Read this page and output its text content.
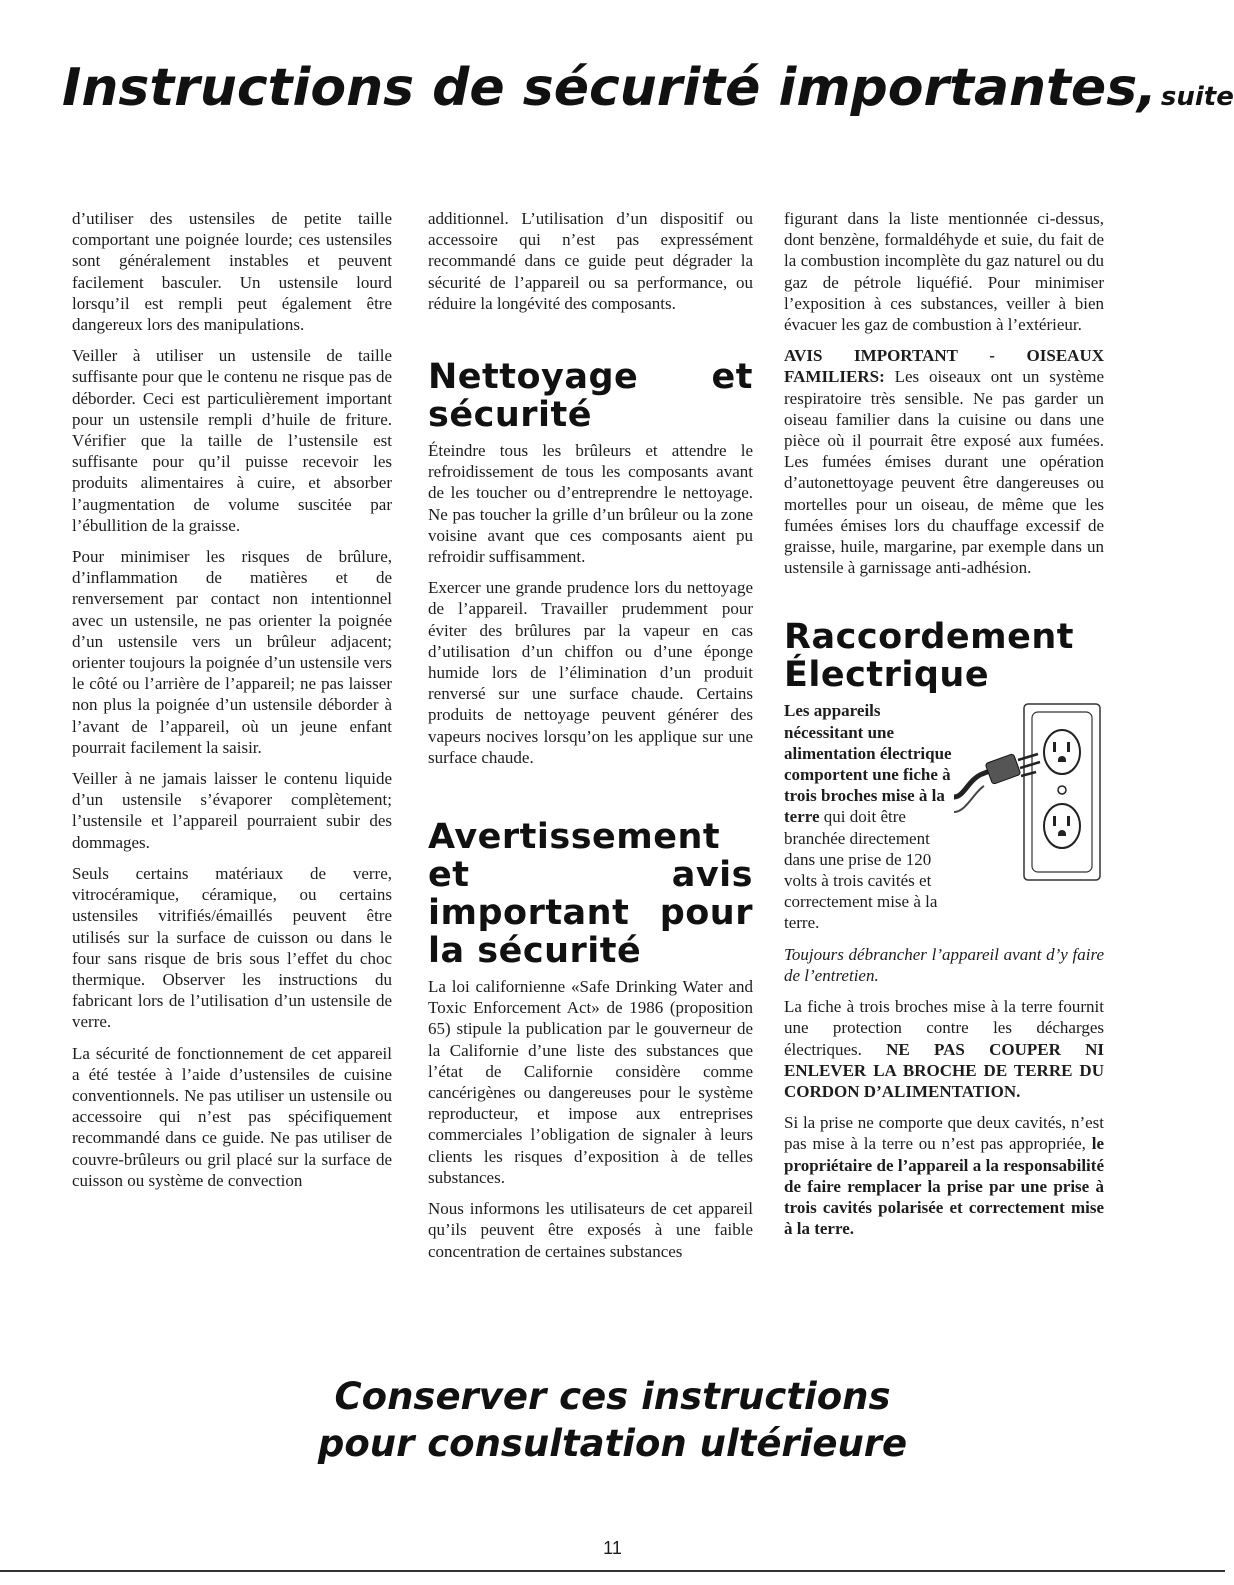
Instructions de sécurité importantes, suite

d’utiliser des ustensiles de petite taille comportant une poignée lourde; ces ustensiles sont généralement instables et peuvent facilement basculer. Un ustensile lourd lorsqu’il est rempli peut également être dangereux lors des manipulations.

Veiller à utiliser un ustensile de taille suffisante pour que le contenu ne risque pas de déborder. Ceci est particulièrement important pour un ustensile rempli d’huile de friture. Vérifier que la taille de l’ustensile est suffisante pour qu’il puisse recevoir les produits alimentaires à cuire, et absorber l’augmentation de volume suscitée par l’ébullition de la graisse.

Pour minimiser les risques de brûlure, d’inflammation de matières et de renversement par contact non intentionnel avec un ustensile, ne pas orienter la poignée d’un ustensile vers un brûleur adjacent; orienter toujours la poignée d’un ustensile vers le côté ou l’arrière de l’appareil; ne pas laisser non plus la poignée d’un ustensile déborder à l’avant de l’appareil, où un jeune enfant pourrait facilement la saisir.

Veiller à ne jamais laisser le contenu liquide d’un ustensile s’évaporer complètement; l’ustensile et l’appareil pourraient subir des dommages.

Seuls certains matériaux de verre, vitrocéramique, céramique, ou certains ustensiles vitrifiés/émaillés peuvent être utilisés sur la surface de cuisson ou dans le four sans risque de bris sous l’effet du choc thermique. Observer les instructions du fabricant lors de l’utilisation d’un ustensile de verre.

La sécurité de fonctionnement de cet appareil a été testée à l’aide d’ustensiles de cuisine conventionnels. Ne pas utiliser un ustensile ou accessoire qui n’est pas spécifiquement recommandé dans ce guide. Ne pas utiliser de couvre-brûleurs ou gril placé sur la surface de cuisson ou système de convection

additionnel. L’utilisation d’un dispositif ou accessoire qui n’est pas expressément recommandé dans ce guide peut dégrader la sécurité de l’appareil ou sa performance, ou réduire la longévité des composants.

Nettoyage et sécurité

Éteindre tous les brûleurs et attendre le refroidissement de tous les composants avant de les toucher ou d’entreprendre le nettoyage. Ne pas toucher la grille d’un brûleur ou la zone voisine avant que ces composants aient pu refroidir suffisamment.

Exercer une grande prudence lors du nettoyage de l’appareil. Travailler prudemment pour éviter des brûlures par la vapeur en cas d’utilisation d’un chiffon ou d’une éponge humide lors de l’élimination d’un produit renversé sur une surface chaude. Certains produits de nettoyage peuvent générer des vapeurs nocives lorsqu’on les applique sur une surface chaude.

Avertissement et avis important pour la sécurité

La loi californienne «Safe Drinking Water and Toxic Enforcement Act» de 1986 (proposition 65) stipule la publication par le gouverneur de la Californie d’une liste des substances que l’état de Californie considère comme cancérigènes ou dangereuses pour le système reproducteur, et impose aux entreprises commerciales l’obligation de signaler à leurs clients les risques d’exposition à de telles substances.

Nous informons les utilisateurs de cet appareil qu’ils peuvent être exposés à une faible concentration de certaines substances

figurant dans la liste mentionnée ci-dessus, dont benzène, formaldéhyde et suie, du fait de la combustion incomplète du gaz naturel ou du gaz de pétrole liquéfié. Pour minimiser l’exposition à ces substances, veiller à bien évacuer les gaz de combustion à l’extérieur.

AVIS IMPORTANT - OISEAUX FAMILIERS: Les oiseaux ont un système respiratoire très sensible. Ne pas garder un oiseau familier dans la cuisine ou dans une pièce où il pourrait être exposé aux fumées. Les fumées émises durant une opération d’autonettoyage peuvent être dangereuses ou mortelles pour un oiseau, de même que les fumées émises lors du chauffage excessif de graisse, huile, margarine, par exemple dans un ustensile à garnissage anti-adhésion.

Raccordement Électrique

Les appareils nécessitant une alimentation électrique comportent une fiche à trois broches mise à la terre qui doit être branchée directement dans une prise de 120 volts à trois cavités et correctement mise à la terre.

Toujours débrancher l’appareil avant d’y faire de l’entretien.

La fiche à trois broches mise à la terre fournit une protection contre les décharges électriques. NE PAS COUPER NI ENLEVER LA BROCHE DE TERRE DU CORDON D’ALIMENTATION.

Si la prise ne comporte que deux cavités, n’est pas mise à la terre ou n’est pas appropriée, le propriétaire de l’appareil a la responsabilité de faire remplacer la prise par une prise à trois cavités polarisée et correctement mise à la terre.

Conserver ces instructions
pour consultation ultérieure
11
